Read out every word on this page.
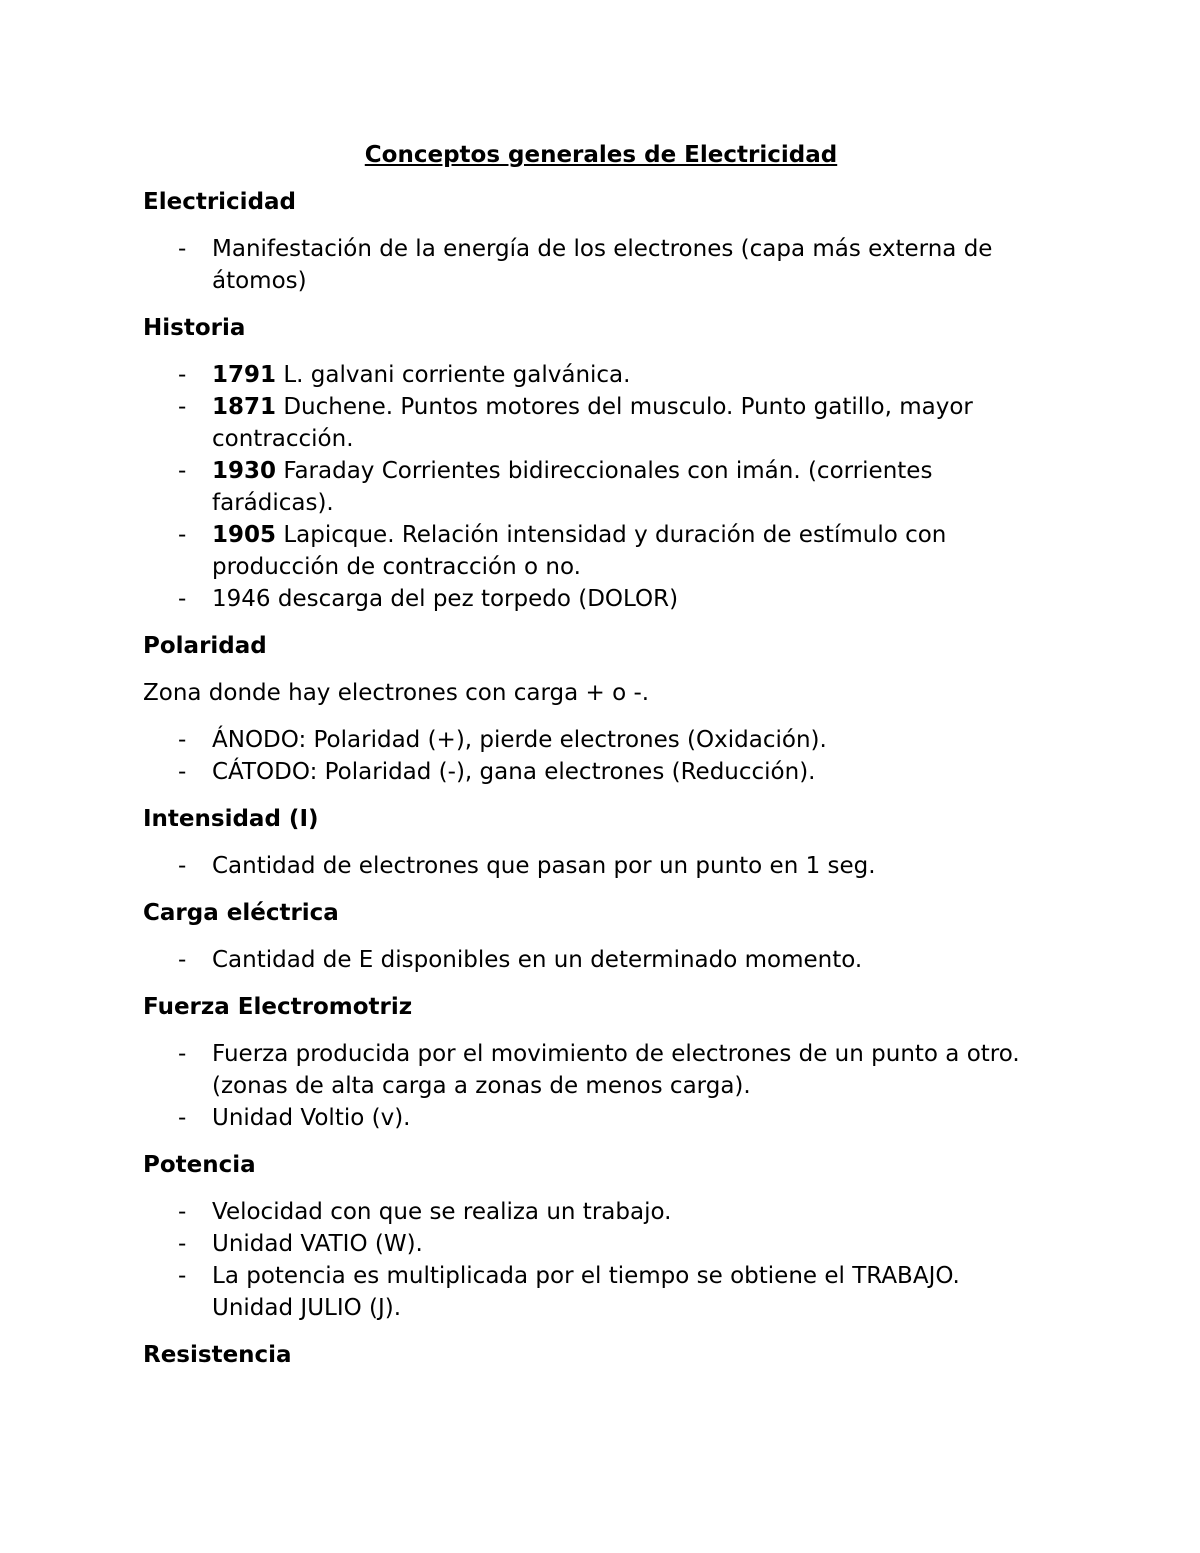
Conceptos generales de Electricidad
Electricidad
- Manifestación de la energía de los electrones (capa más externa de átomos)
Historia
- 1791 L. galvani corriente galvánica.
- 1871 Duchene. Puntos motores del musculo. Punto gatillo, mayor contracción.
- 1930 Faraday Corrientes bidireccionales con imán. (corrientes farádicas).
- 1905 Lapicque. Relación intensidad y duración de estímulo con producción de contracción o no.
- 1946 descarga del pez torpedo (DOLOR)
Polaridad
Zona donde hay electrones con carga + o -.
- ÁNODO: Polaridad (+), pierde electrones (Oxidación).
- CÁTODO: Polaridad (-), gana electrones (Reducción).
Intensidad (I)
- Cantidad de electrones que pasan por un punto en 1 seg.
Carga eléctrica
- Cantidad de E disponibles en un determinado momento.
Fuerza Electromotriz
- Fuerza producida por el movimiento de electrones de un punto a otro. (zonas de alta carga a zonas de menos carga).
- Unidad Voltio (v).
Potencia
- Velocidad con que se realiza un trabajo.
- Unidad VATIO (W).
- La potencia es multiplicada por el tiempo se obtiene el TRABAJO. Unidad JULIO (J).
Resistencia
